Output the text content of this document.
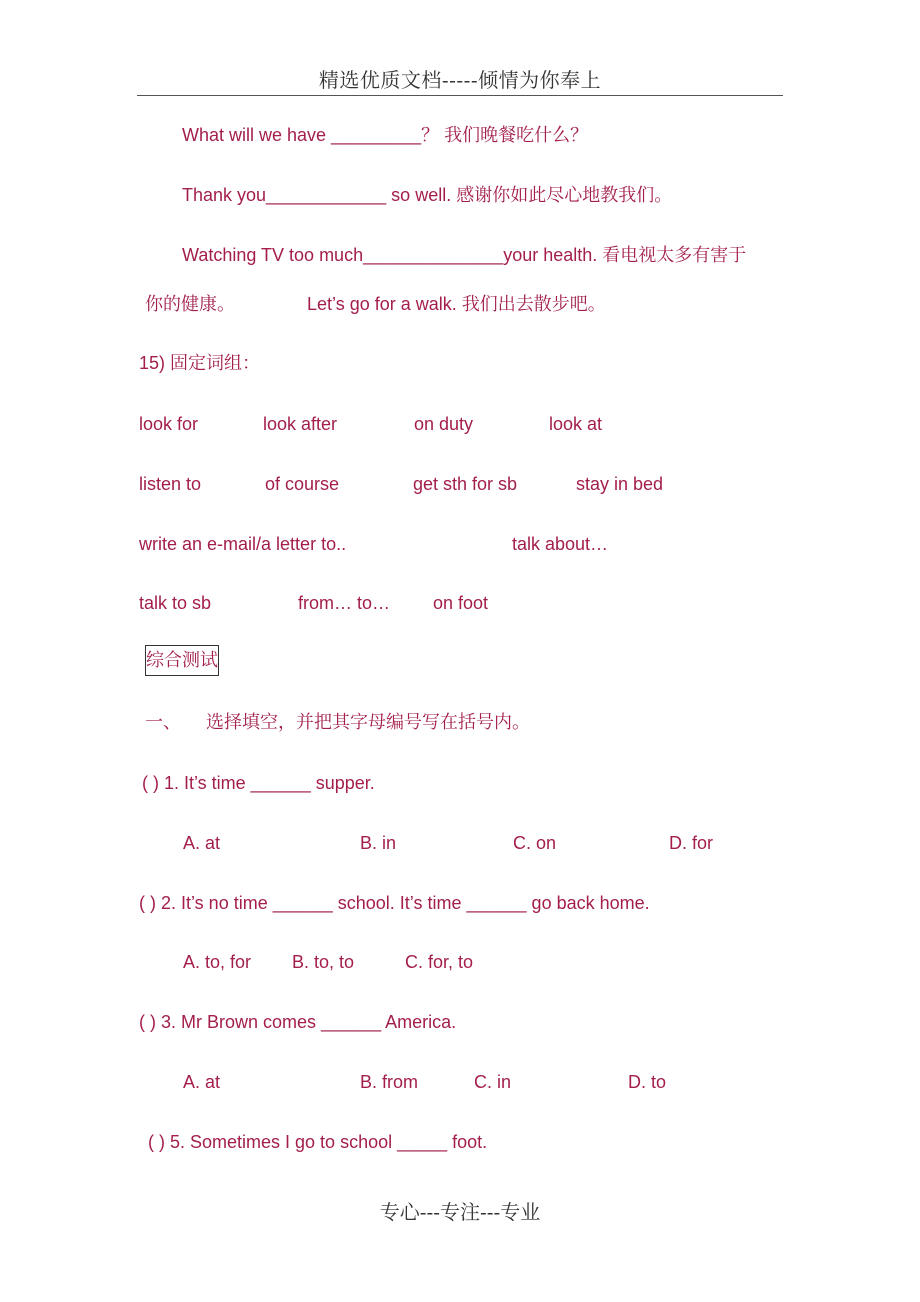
精选优质文档-----倾情为你奉上
What will we have _________？ 我们晚餐吃什么？
Thank you____________ so well. 感谢你如此尽心地教我们。
Watching TV too much______________your health. 看电视太多有害于
你的健康。	Let’s go for a walk. 我们出去散步吧。
15) 固定词组：
look for	look after	on duty	look at
listen to	of course	get sth for sb	stay in bed
write an e-mail/a letter to..	talk about…
talk to sb	from… to… on foot
综合测试
一、 选择填空，并把其字母编号写在括号内。
( ) 1. It’s time ______ supper.
A. at	B. in	C. on	D. for
( ) 2. It’s no time ______ school. It’s time ______ go back home.
A. to, for B. to, to	C. for, to
( ) 3. Mr Brown comes ______ America.
A. at	B. from	C. in	D. to
( ) 5. Sometimes I go to school _____ foot.
专心---专注---专业
